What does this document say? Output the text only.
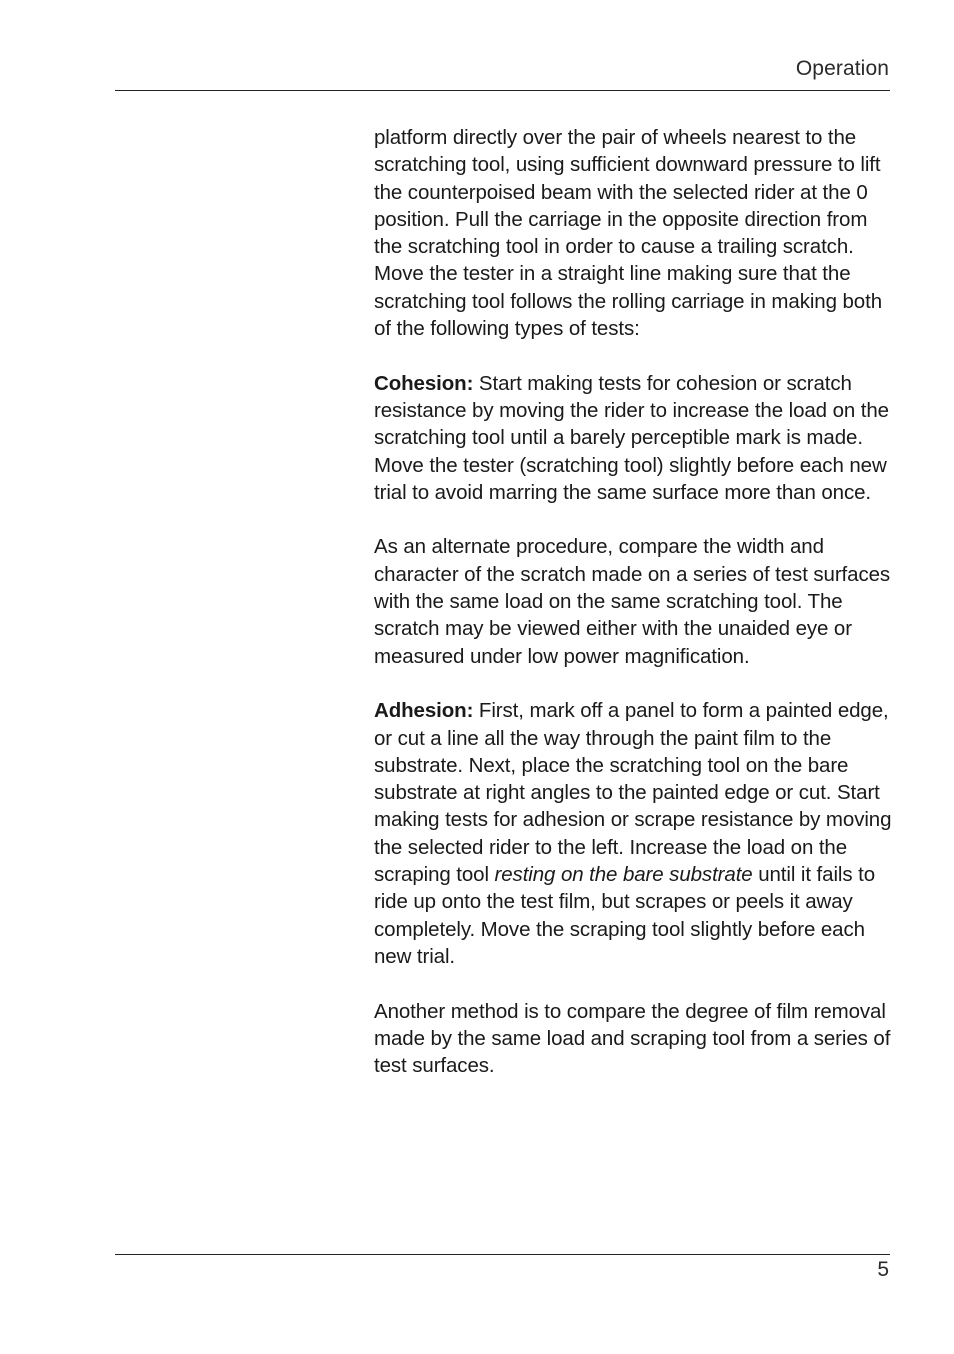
Operation

platform directly over the pair of wheels nearest to the scratching tool, using sufficient downward pressure to lift the counterpoised beam with the selected rider at the 0 position. Pull the carriage in the opposite direction from the scratching tool in order to cause a trailing scratch. Move the tester in a straight line making sure that the scratching tool follows the rolling carriage in making both of the following types of tests:

Cohesion: Start making tests for cohesion or scratch resistance by moving the rider to increase the load on the scratching tool until a barely perceptible mark is made. Move the tester (scratching tool) slightly before each new trial to avoid marring the same surface more than once.

As an alternate procedure, compare the width and character of the scratch made on a series of test surfaces with the same load on the same scratching tool. The scratch may be viewed either with the unaided eye or measured under low power magnification.

Adhesion: First, mark off a panel to form a painted edge, or cut a line all the way through the paint film to the substrate. Next, place the scratching tool on the bare substrate at right angles to the painted edge or cut. Start making tests for adhesion or scrape resistance by moving the selected rider to the left. Increase the load on the scraping tool resting on the bare substrate until it fails to ride up onto the test film, but scrapes or peels it away completely. Move the scraping tool slightly before each new trial.

Another method is to compare the degree of film removal made by the same load and scraping tool from a series of test surfaces.

5
